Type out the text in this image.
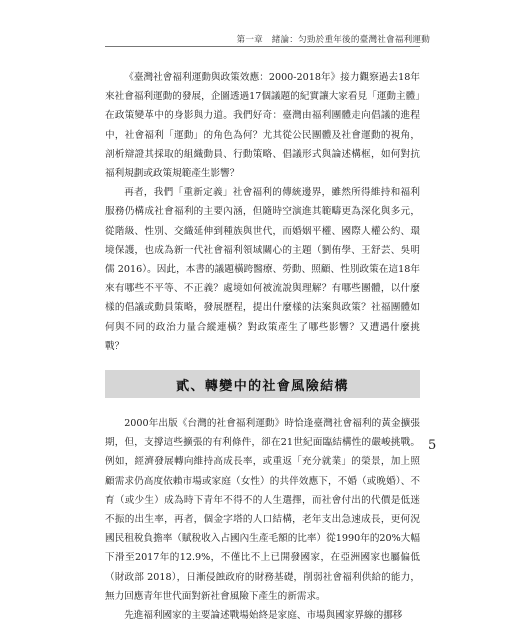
第一章　緒論：匀勁於重年後的臺灣社會福利運動

《臺灣社會福利運動與政策效應：2000-2018年》接力觀察過去18年來社會福利運動的發展，企圖透過17個議題的紀實讓大家看見「運動主體」在政策變革中的身影與力道。我們好奇：臺灣由福利團體走向倡議的進程中，社會福利「運動」的角色為何？尤其從公民團體及社會運動的視角，剖析辯證其採取的組織動員、行動策略、倡議形式與論述構框，如何對抗福利規劃或政策規範產生影響？

再者，我們「重新定義」社會福利的傳統邊界，雖然所得維持和福利服務仍構成社會福利的主要內涵，但隨時空演進其範疇更為深化與多元，從階級、性別、交織延伸到種族與世代，而婚姻平權、國際人權公約、環境保護，也成為新一代社會福利領域關心的主題（劉侑學、王舒芸、吳明儒 2016）。因此，本書的議題橫跨醫療、勞動、照顧、性別政策在這18年來有哪些不平等、不正義？處境如何被流說與理解？有哪些團體，以什麼樣的倡議或動員策略，發展歷程，提出什麼樣的法案與政策？社福團體如何與不同的政治力量合縱連橫？對政策產生了哪些影響？又遭遇什麼挑戰？

貳、轉變中的社會風險結構

2000年出版《台灣的社會福利運動》時恰逢臺灣社會福利的黃金擴張期，但，支撐這些擴張的有利條件，卻在21世紀面臨結構性的嚴峻挑戰。例如，經濟發展轉向維持高成長率，或重返「充分就業」的榮景，加上照顧需求仍高度依賴市場或家庭（女性）的共伴效應下，不婚（或晚婚）、不育（或少生）成為時下青年不得不的人生選擇，而社會付出的代價是低迷不振的出生率，再者，個金字塔的人口結構，老年支出急速成長，更何況國民租稅負擔率（賦稅收入占國內生產毛額的比率）從1990年的20%大幅下滑至2017年的12.9%，不僅比不上已開發國家，在亞洲國家也屬偏低（財政部 2018），日漸侵蝕政府的財務基礎，削弱社會福利供給的能力，無力回應青年世代面對新社會風險下產生的新需求。

先進福利國家的主要論述戰場始終是家庭、市場與國家界線的挪移

5
